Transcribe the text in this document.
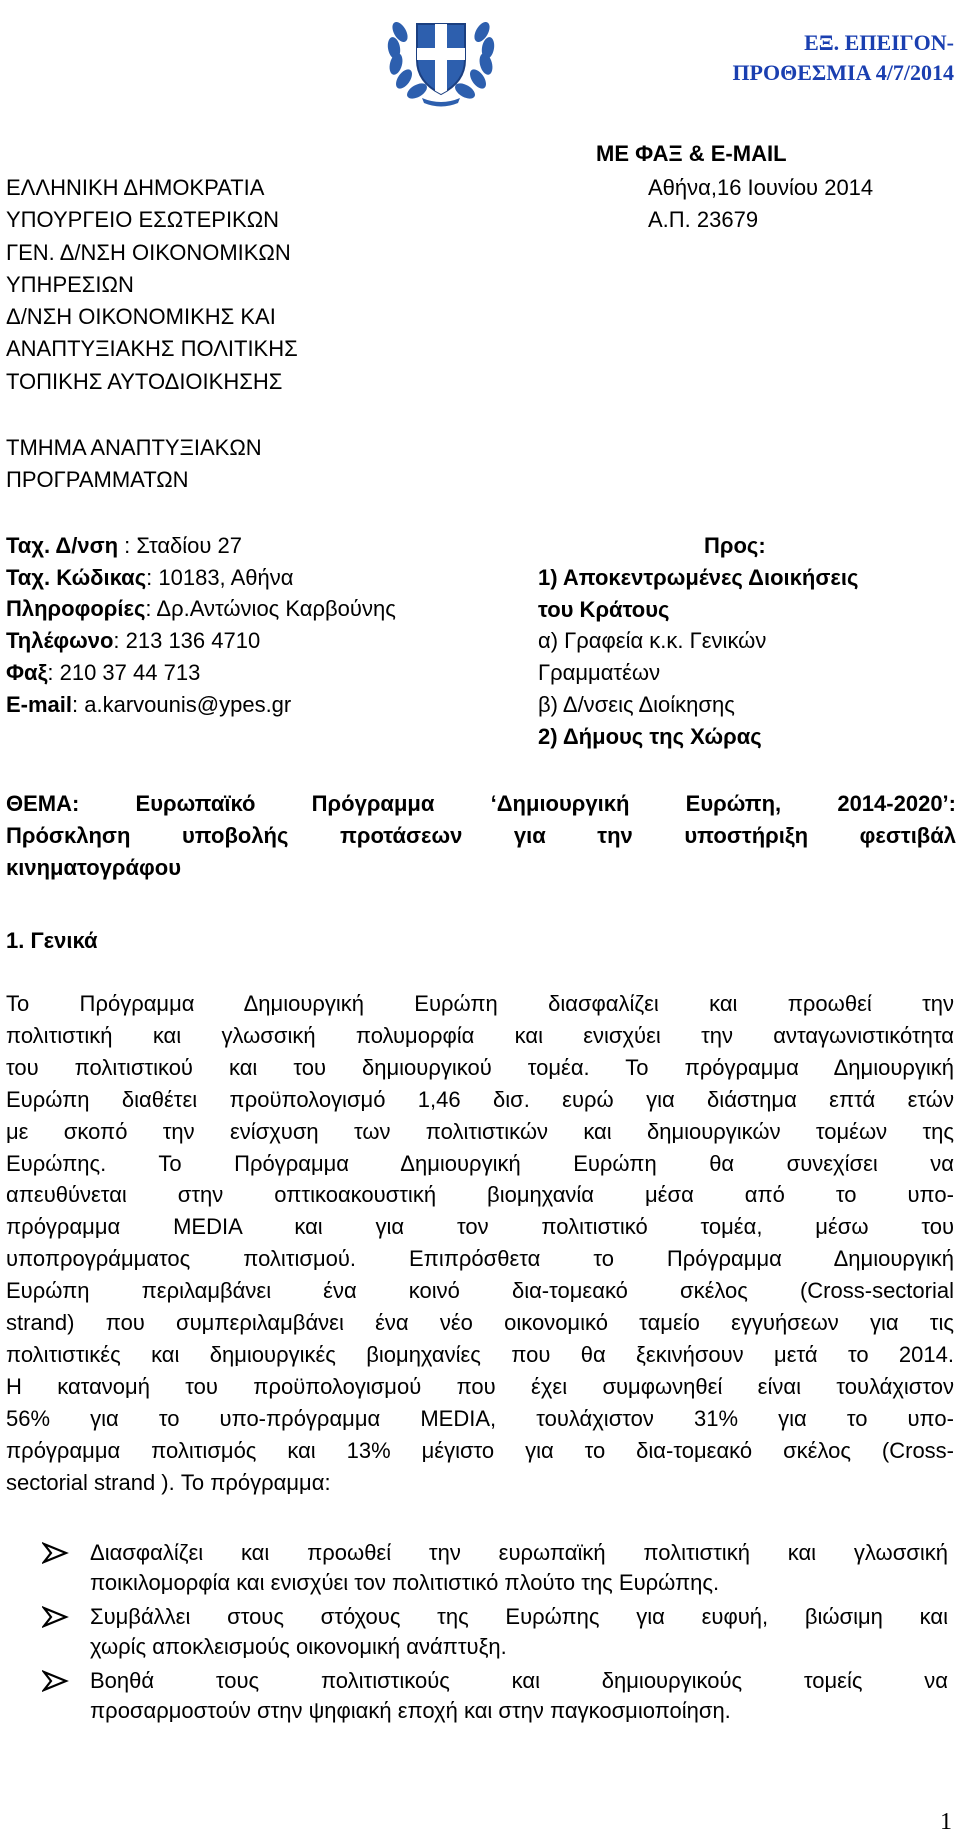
ΕΞ. ΕΠΕΙΓΟΝ-
ΠΡΟΘΕΣΜΙΑ 4/7/2014
ΜΕ ΦΑΞ & E-MAIL
Αθήνα,16 Ιουνίου 2014
Α.Π. 23679
ΕΛΛΗΝΙΚΗ ΔΗΜΟΚΡΑΤΙΑ
ΥΠΟΥΡΓΕΙΟ ΕΣΩΤΕΡΙΚΩΝ
ΓΕΝ. Δ/ΝΣΗ ΟΙΚΟΝΟΜΙΚΩΝ
ΥΠΗΡΕΣΙΩΝ
Δ/ΝΣΗ ΟΙΚΟΝΟΜΙΚΗΣ ΚΑΙ
ΑΝΑΠΤΥΞΙΑΚΗΣ ΠΟΛΙΤΙΚΗΣ
ΤΟΠΙΚΗΣ ΑΥΤΟΔΙΟΙΚΗΣΗΣ
ΤΜΗΜΑ ΑΝΑΠΤΥΞΙΑΚΩΝ
ΠΡΟΓΡΑΜΜΑΤΩΝ
Ταχ. Δ/νση : Σταδίου 27
Ταχ. Κώδικας: 10183, Αθήνα
Πληροφορίες: Δρ.Αντώνιος Καρβούνης
Τηλέφωνο: 213 136 4710
Φαξ: 210 37 44 713
E-mail: a.karvounis@ypes.gr
Προς:
1) Αποκεντρωμένες Διοικήσεις
του Κράτους
α) Γραφεία κ.κ. Γενικών
Γραμματέων
β) Δ/νσεις Διοίκησης
2) Δήμους της Χώρας
ΘΕΜΑ: Ευρωπαϊκό Πρόγραμμα ‘Δημιουργική Ευρώπη, 2014-2020’:
Πρόσκληση υποβολής προτάσεων για την υποστήριξη φεστιβάλ
κινηματογράφου
1. Γενικά
Το Πρόγραμμα Δημιουργική Ευρώπη διασφαλίζει και προωθεί την
πολιτιστική και γλωσσική πολυμορφία και ενισχύει την ανταγωνιστικότητα
του πολιτιστικού και του δημιουργικού τομέα. Το πρόγραμμα Δημιουργική
Ευρώπη διαθέτει προϋπολογισμό 1,46 δισ. ευρώ για διάστημα επτά ετών
με σκοπό την ενίσχυση των πολιτιστικών και δημιουργικών τομέων της
Ευρώπης. Το Πρόγραμμα Δημιουργική Ευρώπη θα συνεχίσει να
απευθύνεται στην οπτικοακουστική βιομηχανία μέσα από το υπο-
πρόγραμμα MEDIA και για τον πολιτιστικό τομέα, μέσω του
υποπρογράμματος πολιτισμού. Επιπρόσθετα το Πρόγραμμα Δημιουργική
Ευρώπη περιλαμβάνει ένα κοινό δια-τομεακό σκέλος (Cross-sectorial
strand) που συμπεριλαμβάνει ένα νέο οικονομικό ταμείο εγγυήσεων για τις
πολιτιστικές και δημιουργικές βιομηχανίες που θα ξεκινήσουν μετά το 2014.
Η κατανομή του προϋπολογισμού που έχει συμφωνηθεί είναι τουλάχιστον
56% για το υπο-πρόγραμμα MEDIA, τουλάχιστον 31% για το υπο-
πρόγραμμα πολιτισμός και 13% μέγιστο για το δια-τομεακό σκέλος (Cross-
sectorial strand ). Το πρόγραμμα:
Διασφαλίζει και προωθεί την ευρωπαϊκή πολιτιστική και γλωσσική
ποικιλομορφία και ενισχύει τον πολιτιστικό πλούτο της Ευρώπης.
Συμβάλλει στους στόχους της Ευρώπης για ευφυή, βιώσιμη και
χωρίς αποκλεισμούς οικονομική ανάπτυξη.
Βοηθά τους πολιτιστικούς και δημιουργικούς τομείς να
προσαρμοστούν στην ψηφιακή εποχή και στην παγκοσμιοποίηση.
1
